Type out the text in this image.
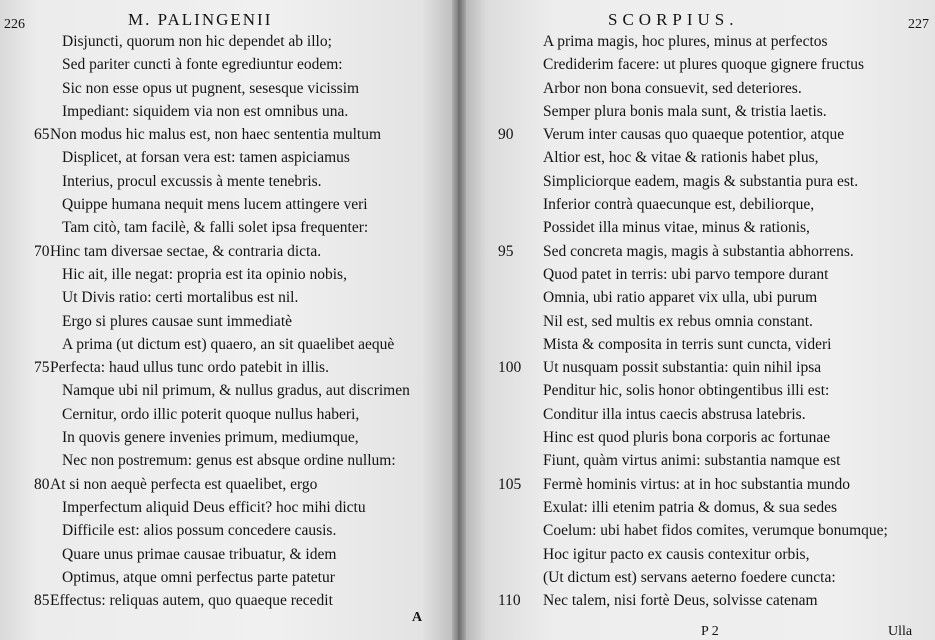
226	M. PALINGENII
Disjuncti, quorum non hic dependet ab illo;
Sed pariter cuncti à fonte egrediuntur eodem:
Sic non esse opus ut pugnent, sesesque vicissim
Impediant: siquidem via non est omnibus una.
65 Non modus hic malus est, non haec sententia multum
Displicet, at forsan vera est: tamen aspiciamus
Interius, procul excussis à mente tenebris.
Quippe humana nequit mens lucem attingere veri
Tam citò, tam facilè, & falli solet ipsa frequenter:
70 Hinc tam diversae sectae, & contraria dicta.
Hic ait, ille negat: propria est ita opinio nobis,
Ut Divis ratio: certi mortalibus est nil.
Ergo si plures causae sunt immediatè
A prima (ut dictum est) quaero, an sit quaelibet aequè
75 Perfecta: haud ullus tunc ordo patebit in illis.
Namque ubi nil primum, & nullus gradus, aut discrimen
Cernitur, ordo illic poterit quoque nullus haberi,
In quovis genere invenies primum, mediumque,
Nec non postremum: genus est absque ordine nullum:
80 At si non aequè perfecta est quaelibet, ergo
Imperfectum aliquid Deus efficit? hoc mihi dictu
Difficile est: alios possum concedere causis.
Quare unus primae causae tribuatur, & idem
Optimus, atque omni perfectus parte patetur
85 Effectus: reliquas autem, quo quaeque recedit
A
SCORPIUS.	227
A prima magis, hoc plures, minus at perfectos
Crediderim facere: ut plures quoque gignere fructus
Arbor non bona consuevit, sed deteriores.
Semper plura bonis mala sunt, & tristia laetis.
90 Verum inter causas quo quaeque potentior, atque
Altior est, hoc & vitae & rationis habet plus,
Simpliciorque eadem, magis & substantia pura est.
Inferior contrà quaecunque est, debiliorque,
Possidet illa minus vitae, minus & rationis,
95 Sed concreta magis, magis à substantia abhorrens.
Quod patet in terris: ubi parvo tempore durant
Omnia, ubi ratio apparet vix ulla, ubi purum
Nil est, sed multis ex rebus omnia constant.
Mista & composita in terris sunt cuncta, videri
100 Ut nusquam possit substantia: quin nihil ipsa
Penditur hic, solis honor obtingentibus illi est:
Conditur illa intus caecis abstrusa latebris.
Hinc est quod pluris bona corporis ac fortunae
Fiunt, quàm virtus animi: substantia namque est
105 Fermè hominis virtus: at in hoc substantia mundo
Exulat: illi etenim patria & domus, & sua sedes
Coelum: ubi habet fidos comites, verumque bonumque;
Hoc igitur pacto ex causis contexitur orbis,
(Ut dictum est) servans aeterno foedere cuncta:
110 Nec talem, nisi fortè Deus, solvisse catenam
P 2	Ulla
